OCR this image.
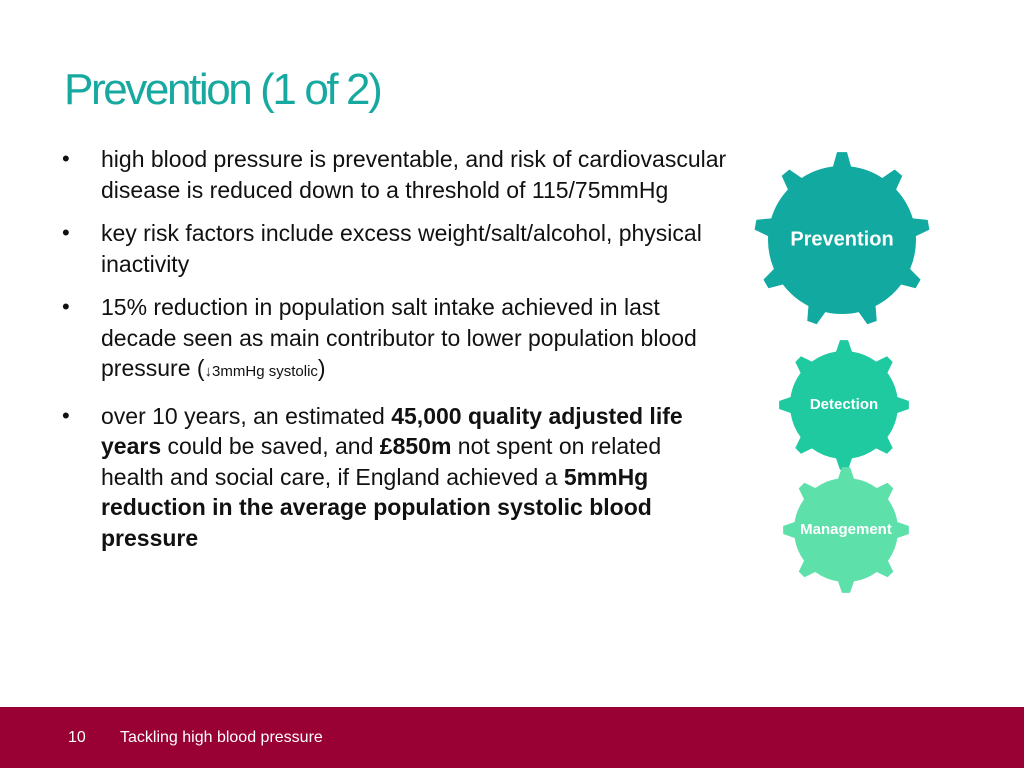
Prevention (1 of 2)
• high blood pressure is preventable, and risk of cardiovascular disease is reduced down to a threshold of 115/75mmHg
• key risk factors include excess weight/salt/alcohol, physical inactivity
• 15% reduction in population salt intake achieved in last decade seen as main contributor to lower population blood pressure (↓3mmHg systolic)
• over 10 years, an estimated 45,000 quality adjusted life years could be saved, and £850m not spent on related health and social care, if England achieved a 5mmHg reduction in the average population systolic blood pressure
Prevention
Detection
Management
10 Tackling high blood pressure
